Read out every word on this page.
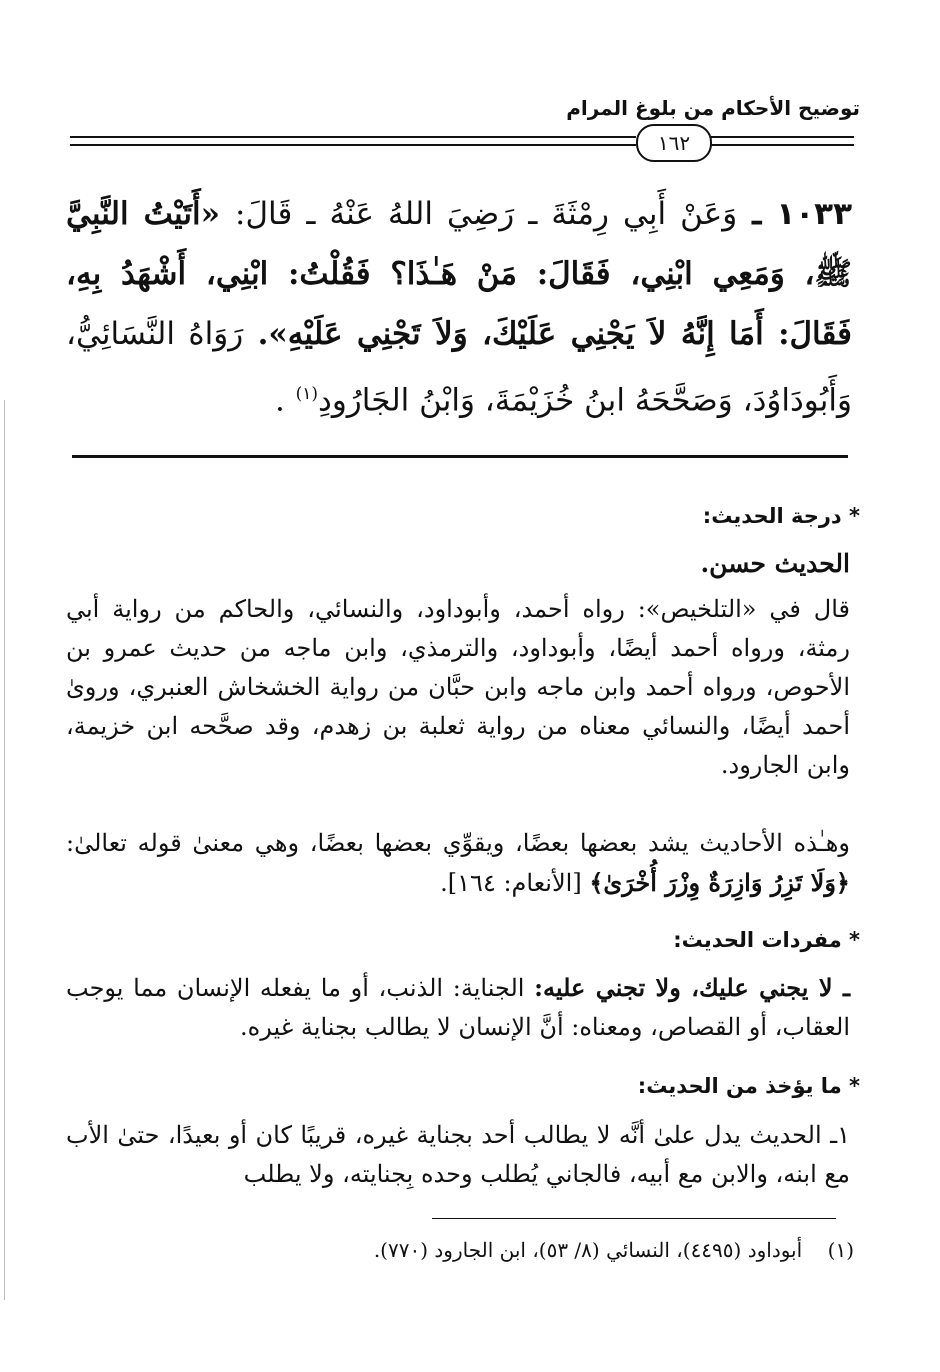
توضيح الأحكام من بلوغ المرام
١٦٢
١٠٣٣ ـ وَعَنْ أَبِي رِمْثَةَ ـ رَضِيَ اللهُ عَنْهُ ـ قَالَ: «أَتَيْتُ النَّبِيَّ ﷺ، وَمَعِي ابْنِي، فَقَالَ: مَنْ هَـٰذَا؟ فَقُلْتُ: ابْنِي، أَشْهَدُ بِهِ، فَقَالَ: أَمَا إِنَّهُ لاَ يَجْنِي عَلَيْكَ، وَلاَ تَجْنِي عَلَيْهِ». رَوَاهُ النَّسَائِيُّ، وَأَبُودَاوُدَ، وَصَحَّحَهُ ابنُ خُزَيْمَةَ، وَابْنُ الجَارُودِ$^{(١)}$ .
* درجة الحديث:
الحديث حسن.
قال في «التلخيص»: رواه أحمد، وأبوداود، والنسائي، والحاكم من رواية أبي رمثة، ورواه أحمد أيضًا، وأبوداود، والترمذي، وابن ماجه من حديث عمرو بن الأحوص، ورواه أحمد وابن ماجه وابن حبَّان من رواية الخشخاش العنبري، وروىٰ أحمد أيضًا، والنسائي معناه من رواية ثعلبة بن زهدم، وقد صحَّحه ابن خزيمة، وابن الجارود.
وهـٰذه الأحاديث يشد بعضها بعضًا، ويقوِّي بعضها بعضًا، وهي معنىٰ قوله تعالىٰ: ﴿وَلَا تَزِرُ وَازِرَةٌ وِزْرَ أُخْرَىٰ﴾ [الأنعام: ١٦٤].
* مفردات الحديث:
ـ لا يجني عليك، ولا تجني عليه: الجناية: الذنب، أو ما يفعله الإنسان مما يوجب العقاب، أو القصاص، ومعناه: أنَّ الإنسان لا يطالب بجناية غيره.
* ما يؤخذ من الحديث:
١ـ الحديث يدل علىٰ أنَّه لا يطالب أحد بجناية غيره، قريبًا كان أو بعيدًا، حتىٰ الأب مع ابنه، والابن مع أبيه، فالجاني يُطلب وحده بِجنايته، ولا يطلب
(١)    أبوداود (٤٤٩٥)، النسائي (٨/ ٥٣)، ابن الجارود (٧٧٠).
